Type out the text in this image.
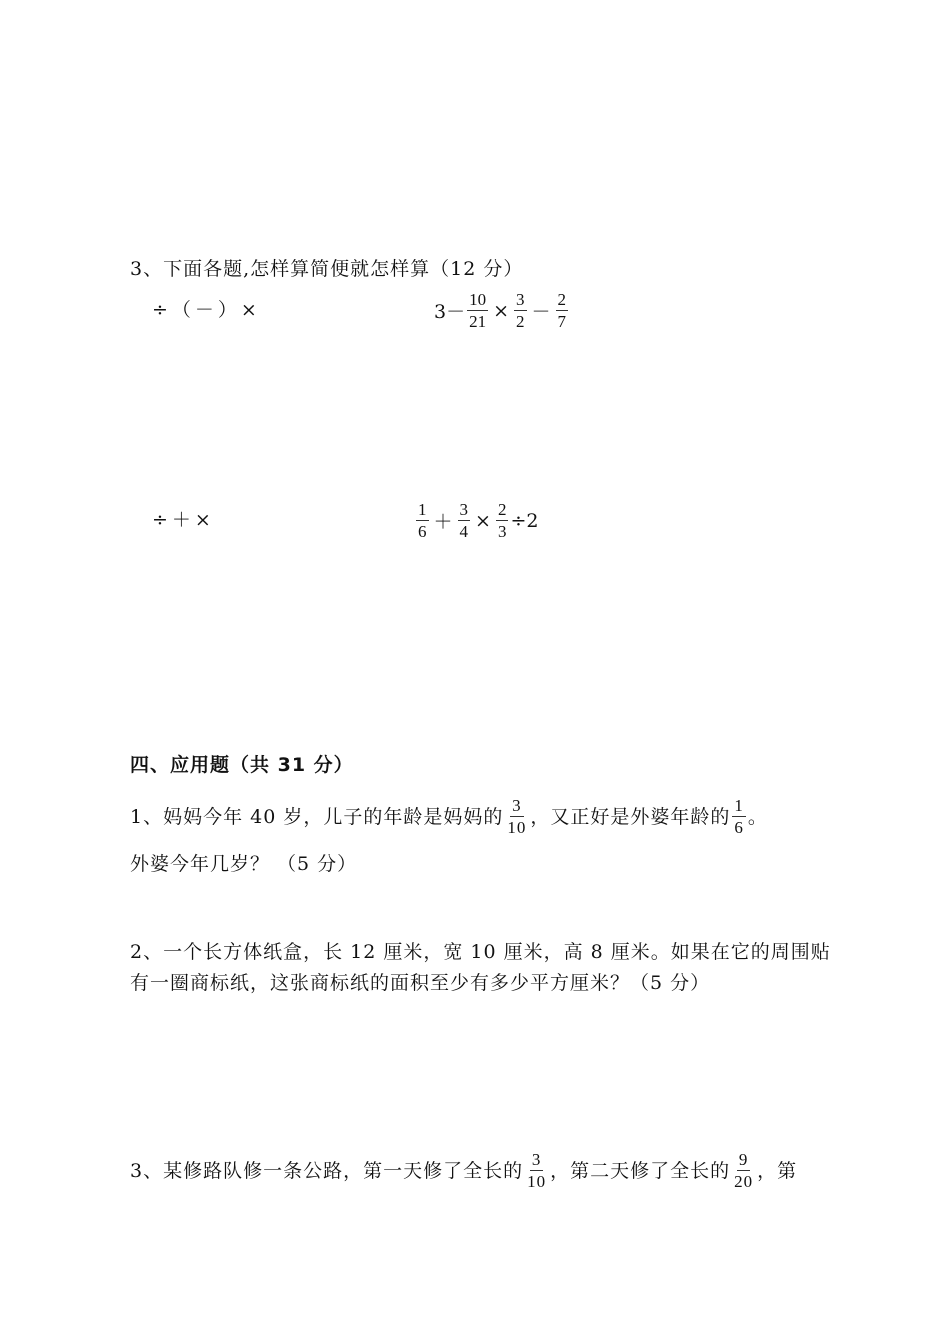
3、下面各题,怎样算简便就怎样算（12 分）
÷（－）×	$3- \frac{10}{21} \times \frac{3}{2} - \frac{2}{7}$
÷＋×	$\frac{1}{6} + \frac{3}{4} \times \frac{2}{3} \div 2$
四、应用题（共 31 分）
1、妈妈今年 40 岁，儿子的年龄是妈妈的 $\frac{3}{10}$ ，又正好是外婆年龄的 $\frac{1}{6}$ 。
外婆今年几岁？ （5 分）
2、一个长方体纸盒，长 12 厘米，宽 10 厘米，高 8 厘米。如果在它的周围贴
有一圈商标纸，这张商标纸的面积至少有多少平方厘米？（5 分）
3、某修路队修一条公路，第一天修了全长的 $\frac{3}{10}$ ，第二天修了全长的 $\frac{9}{20}$ ，第
